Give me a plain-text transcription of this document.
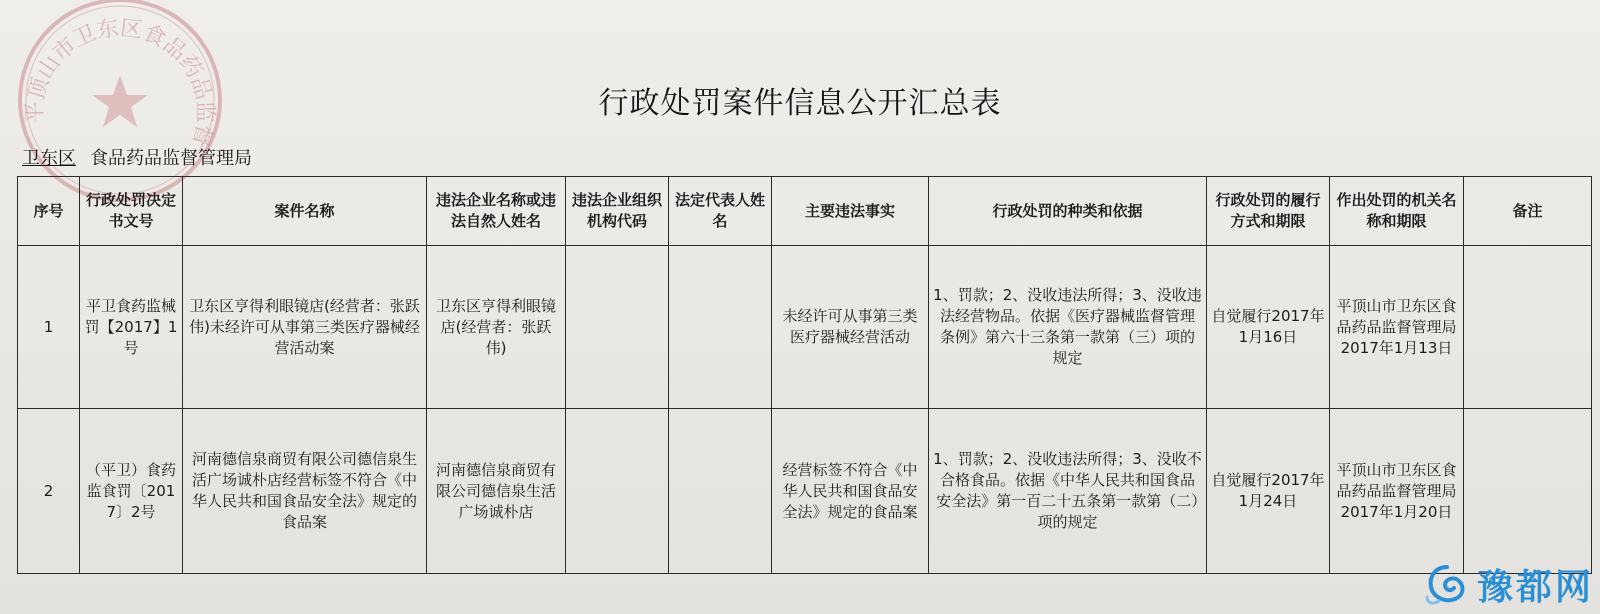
平顶山市卫东区食品药品监督
行政处罚案件信息公开汇总表
卫东区 食品药品监督管理局
序号	行政处罚决定书文号	案件名称	违法企业名称或违法自然人姓名	违法企业组织机构代码	法定代表人姓名	主要违法事实	行政处罚的种类和依据	行政处罚的履行方式和期限	作出处罚的机关名称和期限	备注
1	平卫食药监械罚【2017】1号	卫东区亨得利眼镜店(经营者：张跃伟)未经许可从事第三类医疗器械经营活动案	卫东区亨得利眼镜店(经营者：张跃伟)			未经许可从事第三类医疗器械经营活动	1、罚款；2、没收违法所得；3、没收违法经营物品。依据《医疗器械监督管理条例》第六十三条第一款第（三）项的规定	自觉履行2017年1月16日	平顶山市卫东区食品药品监督管理局2017年1月13日	
2	（平卫）食药监食罚〔2017〕2号	河南德信泉商贸有限公司德信泉生活广场诚朴店经营标签不符合《中华人民共和国食品安全法》规定的食品案	河南德信泉商贸有限公司德信泉生活广场诚朴店			经营标签不符合《中华人民共和国食品安全法》规定的食品案	1、罚款；2、没收违法所得；3、没收不合格食品。依据《中华人民共和国食品安全法》第一百二十五条第一款第（二）项的规定	自觉履行2017年1月24日	平顶山市卫东区食品药品监督管理局2017年1月20日	
豫都网
